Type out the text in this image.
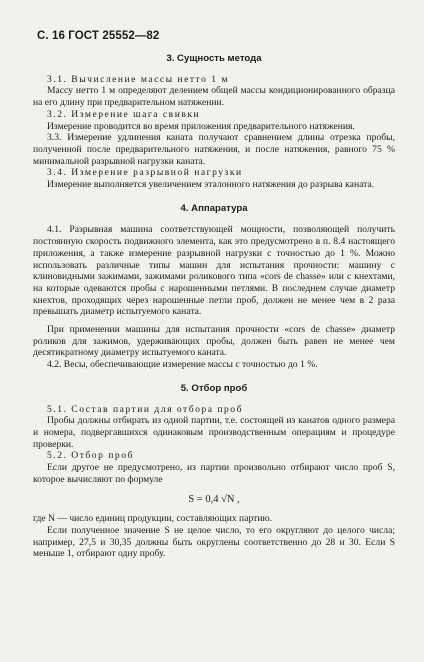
С. 16 ГОСТ 25552—82

3. Сущность метода

3.1. Вычисление массы нетто 1 м

Массу нетто 1 м определяют делением общей массы кондиционированного образца на его длину при предварительном натяжении.

3.2. Измерение шага свивки

Измерение проводится во время приложения предварительного натяжения.

3.3. Измерение удлинения каната получают сравнением длины отрезка пробы, полученной после предварительного натяжения, и после натяжения, равного 75 % минимальной разрывной нагрузки каната.

3.4. Измерение разрывной нагрузки

Измерение выполняется увеличением эталонного натяжения до разрыва каната.

4. Аппаратура

4.1. Разрывная машина соответствующей мощности, позволяющей получить постоянную скорость подвижного элемента, как это предусмотрено в п. 8.4 настоящего приложения, а также измерение разрывной нагрузки с точностью до 1 %. Можно использовать различные типы машин для испытания прочности: машину с клиновидными зажимами, зажимами роликового типа «cors de chasse» или с кнехтами, на которые одеваются пробы с нарошенными петлями. В последнем случае диаметр кнехтов, проходящих через нарошенные петли проб, должен не менее чем в 2 раза превышать диаметр испытуемого каната.

При применении машины для испытания прочности «cors de chasse» диаметр роликов для зажимов, удерживающих пробы, должен быть равен не менее чем десятикратному диаметру испытуемого каната.

4.2. Весы, обеспечивающие измерение массы с точностью до 1 %.

5. Отбор проб

5.1. Состав партии для отбора проб

Пробы должны отбирать из одной партии, т.е. состоящей из канатов одного размера и номера, подвергавшихся одинаковым производственным операциям и процедуре проверки.

5.2. Отбор проб

Если другое не предусмотрено, из партии произвольно отбирают число проб S, которое вычисляют по формуле

S = 0,4 √N ,

где N — число единиц продукции, составляющих партию.

Если полученное значение S не целое число, то его округляют до целого числа; например, 27,5 и 30,35 должны быть округлены соответственно до 28 и 30. Если S меньше 1, отбирают одну пробу.
